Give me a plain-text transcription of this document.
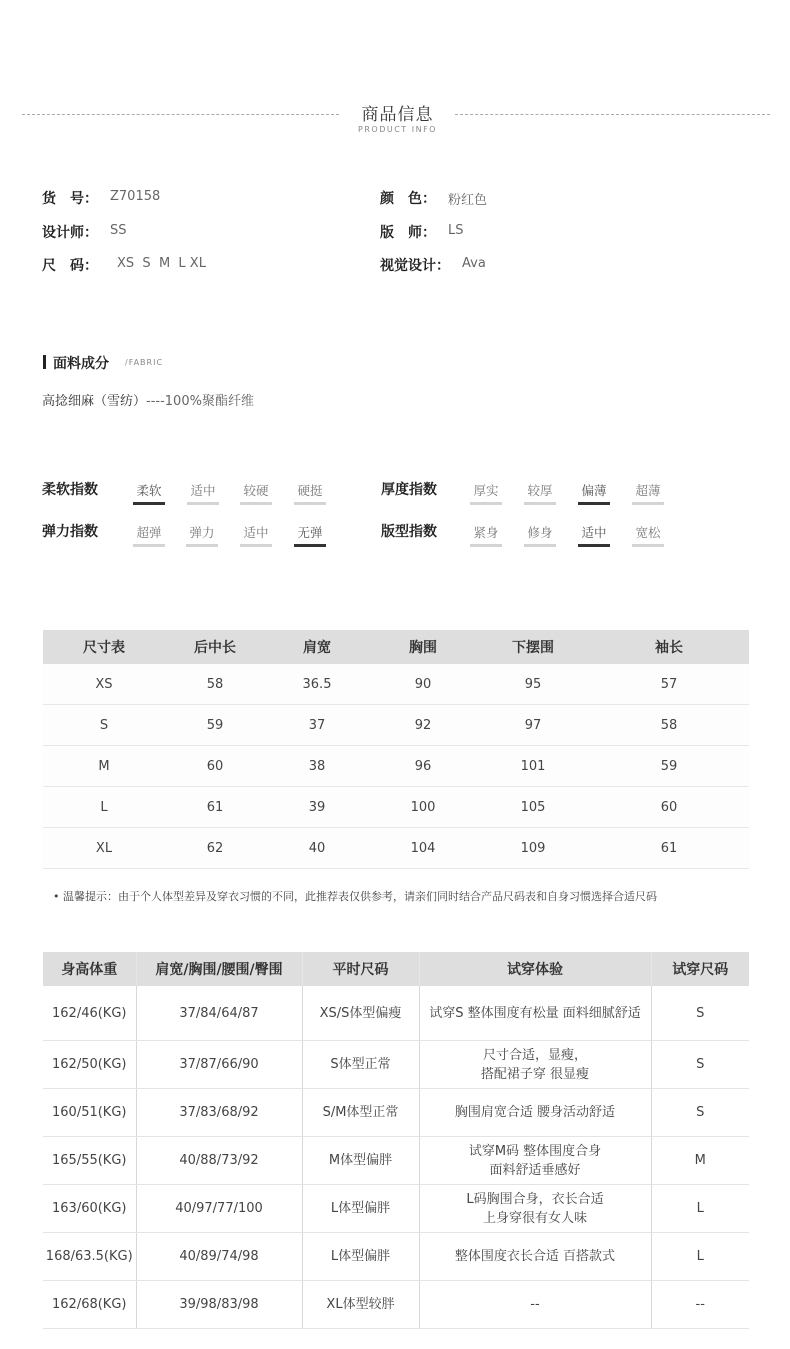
商品信息
PRODUCT INFO
货　号： Z70158	颜　色： 粉红色
设计师： SS	版　师： LS
尺　码： XS  S  M  L XL	视觉设计： Ava
面料成分 /FABRIC
高捻细麻（雪纺）----100%聚酯纤维
柔软指数	柔软 适中 较硬 硬挺	厚度指数	厚实 较厚 偏薄 超薄
弹力指数	超弹 弹力 适中 无弹	版型指数	紧身 修身 适中 宽松
尺寸表	后中长	肩宽	胸围	下摆围	袖长
XS	58	36.5	90	95	57
S	59	37	92	97	58
M	60	38	96	101	59
L	61	39	100	105	60
XL	62	40	104	109	61
• 温馨提示：由于个人体型差异及穿衣习惯的不同，此推荐表仅供参考，请亲们同时结合产品尺码表和自身习惯选择合适尺码
身高体重	肩宽/胸围/腰围/臀围	平时尺码	试穿体验	试穿尺码
162/46(KG)	37/84/64/87	XS/S体型偏瘦	试穿S 整体围度有松量 面料细腻舒适	S
162/50(KG)	37/87/66/90	S体型正常	尺寸合适，显瘦，
搭配裙子穿 很显瘦	S
160/51(KG)	37/83/68/92	S/M体型正常	胸围肩宽合适 腰身活动舒适	S
165/55(KG)	40/88/73/92	M体型偏胖	试穿M码 整体围度合身
面料舒适垂感好	M
163/60(KG)	40/97/77/100	L体型偏胖	L码胸围合身，衣长合适
上身穿很有女人味	L
168/63.5(KG)	40/89/74/98	L体型偏胖	整体围度衣长合适 百搭款式	L
162/68(KG)	39/98/83/98	XL体型较胖	--	--
